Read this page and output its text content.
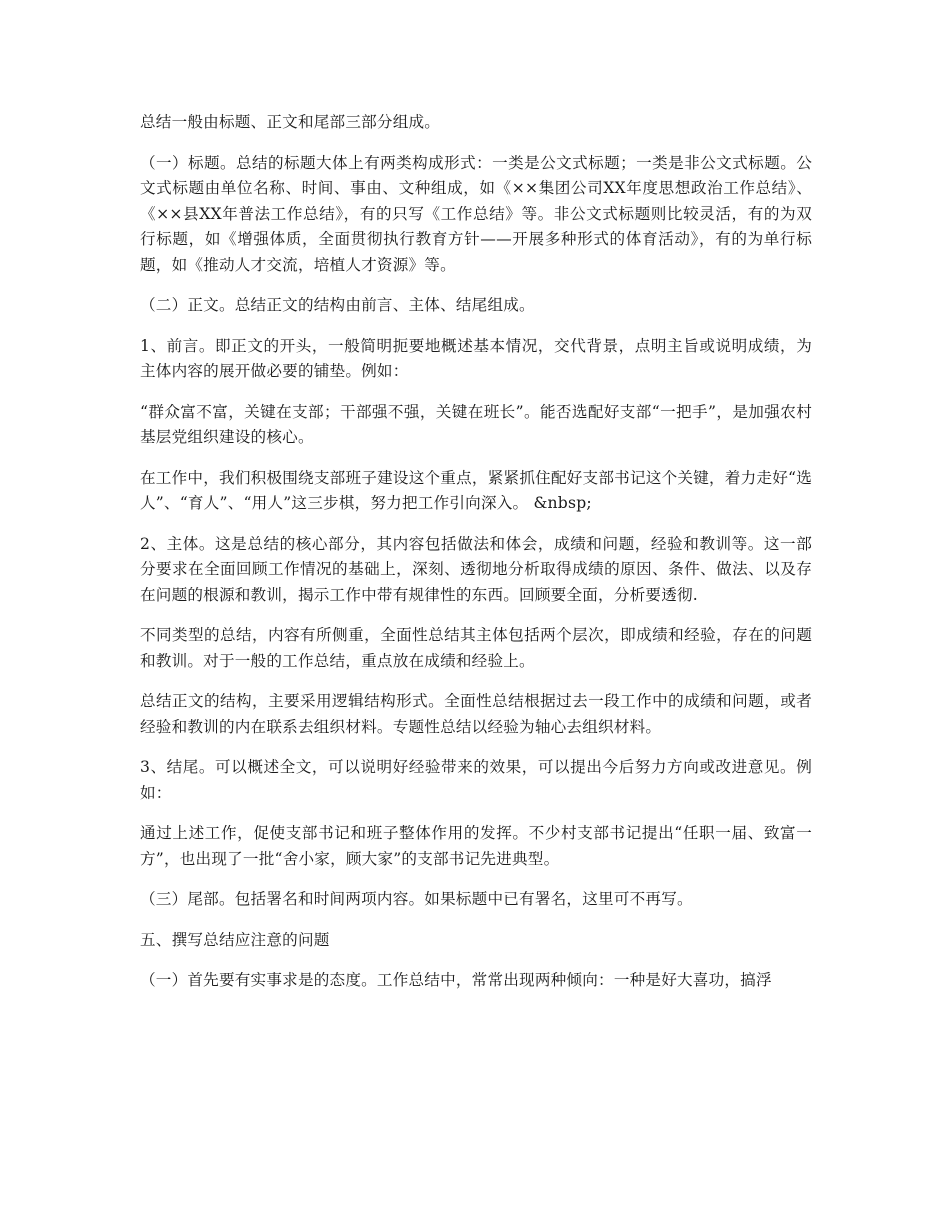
总结一般由标题、正文和尾部三部分组成。

（一）标题。总结的标题大体上有两类构成形式：一类是公文式标题；一类是非公文式标题。公文式标题由单位名称、时间、事由、文种组成，如《××集团公司XX年度思想政治工作总结》、《××县XX年普法工作总结》，有的只写《工作总结》等。非公文式标题则比较灵活，有的为双行标题，如《增强体质，全面贯彻执行教育方针——开展多种形式的体育活动》，有的为单行标题，如《推动人才交流，培植人才资源》等。

（二）正文。总结正文的结构由前言、主体、结尾组成。

1、前言。即正文的开头，一般简明扼要地概述基本情况，交代背景，点明主旨或说明成绩，为主体内容的展开做必要的铺垫。例如：

“群众富不富，关键在支部；干部强不强，关键在班长”。能否选配好支部“一把手”，是加强农村基层党组织建设的核心。

在工作中，我们积极围绕支部班子建设这个重点，紧紧抓住配好支部书记这个关键，着力走好“选人”、“育人”、“用人”这三步棋，努力把工作引向深入。 &nbsp;

2、主体。这是总结的核心部分，其内容包括做法和体会，成绩和问题，经验和教训等。这一部分要求在全面回顾工作情况的基础上，深刻、透彻地分析取得成绩的原因、条件、做法、以及存在问题的根源和教训，揭示工作中带有规律性的东西。回顾要全面，分析要透彻.

不同类型的总结，内容有所侧重，全面性总结其主体包括两个层次，即成绩和经验，存在的问题和教训。对于一般的工作总结，重点放在成绩和经验上。

总结正文的结构，主要采用逻辑结构形式。全面性总结根据过去一段工作中的成绩和问题，或者经验和教训的内在联系去组织材料。专题性总结以经验为轴心去组织材料。

3、结尾。可以概述全文，可以说明好经验带来的效果，可以提出今后努力方向或改进意见。例如：

通过上述工作，促使支部书记和班子整体作用的发挥。不少村支部书记提出“任职一届、致富一方”，也出现了一批“舍小家，顾大家”的支部书记先进典型。

（三）尾部。包括署名和时间两项内容。如果标题中已有署名，这里可不再写。

五、撰写总结应注意的问题

（一）首先要有实事求是的态度。工作总结中，常常出现两种倾向：一种是好大喜功，搞浮
